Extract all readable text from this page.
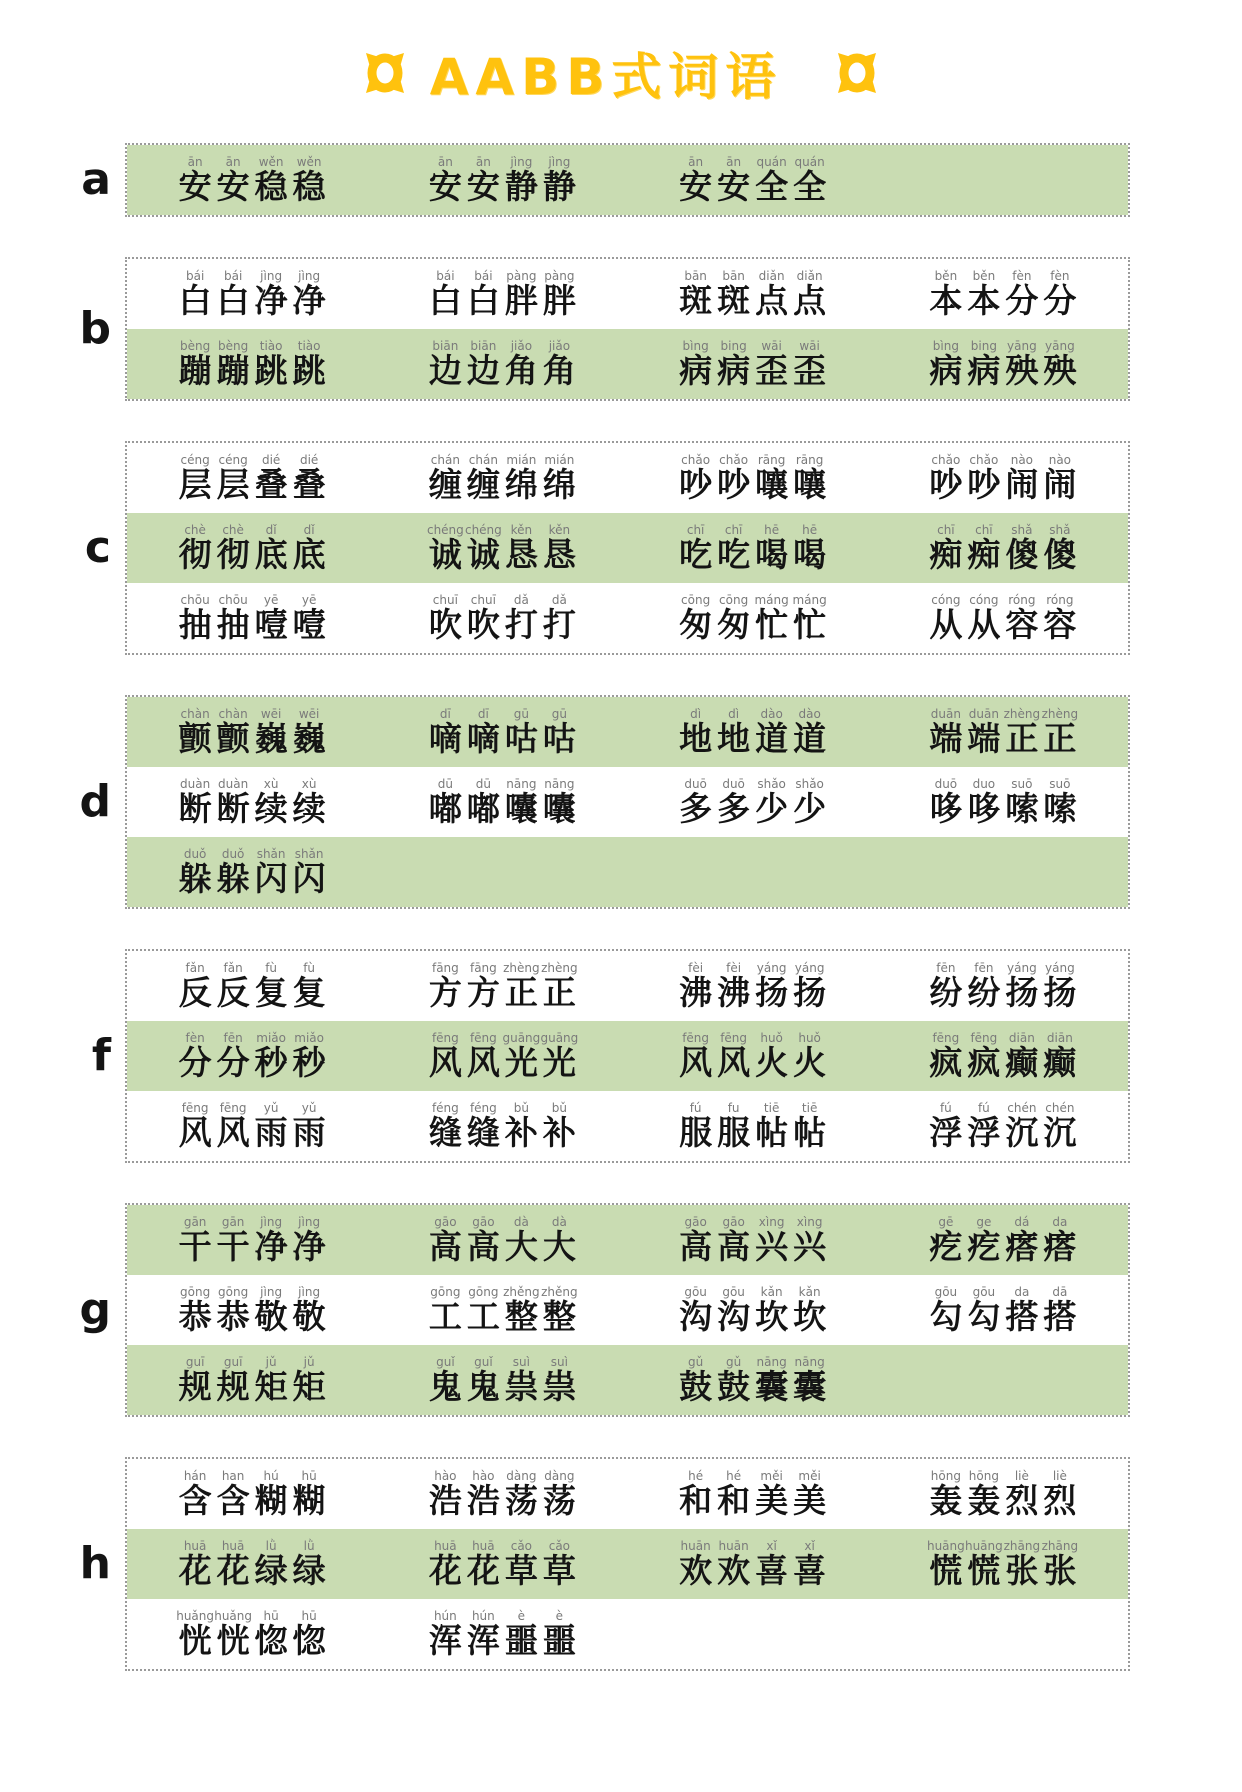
AABB式词语
a	ān
安
ān
安
wěn
稳
wěn
稳
ān
安
ān
安
jìng
静
jìng
静
ān
安
ān
安
quán
全
quán
全
b
bái
白
bái
白
jìng
净
jìng
净
bái
白
bái
白
pàng
胖
pàng
胖
bān
斑
bān
斑
diǎn
点
diǎn
点
běn
本
běn
本
fèn
分
fèn
分
bèng
蹦
bèng
蹦
tiào
跳
tiào
跳
biān
边
biān
边
jiǎo
角
jiǎo
角
bìng
病
bing
病
wāi
歪
wāi
歪
bìng
病
bing
病
yāng
殃
yāng
殃
c
céng
层
céng
层
dié
叠
dié
叠
chán
缠
chán
缠
mián
绵
mián
绵
chǎo
吵
chǎo
吵
rāng
嚷
rāng
嚷
chǎo
吵
chǎo
吵
nào
闹
nào
闹
chè
彻
chè
彻
dǐ
底
dǐ
底
chéng
诚
chéng
诚
kěn
恳
kěn
恳
chī
吃
chī
吃
hē
喝
hē
喝
chī
痴
chī
痴
shǎ
傻
shǎ
傻
chōu
抽
chōu
抽
yē
噎
yē
噎
chuī
吹
chuī
吹
dǎ
打
dǎ
打
cōng
匆
cōng
匆
máng
忙
máng
忙
cóng
从
cóng
从
róng
容
róng
容
d
chàn
颤
chàn
颤
wēi
巍
wēi
巍
dī
嘀
dī
嘀
gū
咕
gū
咕
dì
地
dì
地
dào
道
dào
道
duān
端
duān
端
zhèng
正
zhèng
正
duàn
断
duàn
断
xù
续
xù
续
dū
嘟
dū
嘟
nāng
囔
nāng
囔
duō
多
duō
多
shǎo
少
shǎo
少
duō
哆
duo
哆
suō
嗦
suō
嗦
duǒ
躲
duǒ
躲
shǎn
闪
shǎn
闪
f
fǎn
反
fǎn
反
fù
复
fù
复
fāng
方
fāng
方
zhèng
正
zhèng
正
fèi
沸
fèi
沸
yáng
扬
yáng
扬
fēn
纷
fēn
纷
yáng
扬
yáng
扬
fèn
分
fēn
分
miǎo
秒
miǎo
秒
fēng
风
fēng
风
guāng
光
guāng
光
fēng
风
fēng
风
huǒ
火
huǒ
火
fēng
疯
fēng
疯
diān
癫
diān
癫
fēng
风
fēng
风
yǔ
雨
yǔ
雨
féng
缝
féng
缝
bǔ
补
bǔ
补
fú
服
fu
服
tiē
帖
tiē
帖
fú
浮
fú
浮
chén
沉
chén
沉
g
gān
干
gān
干
jìng
净
jìng
净
gāo
高
gāo
高
dà
大
dà
大
gāo
高
gāo
高
xìng
兴
xìng
兴
gē
疙
ge
疙
dá
瘩
da
瘩
gōng
恭
gōng
恭
jìng
敬
jìng
敬
gōng
工
gōng
工
zhěng
整
zhěng
整
gōu
沟
gōu
沟
kǎn
坎
kǎn
坎
gōu
勾
gōu
勾
da
搭
dā
搭
guī
规
guī
规
jǔ
矩
jǔ
矩
guǐ
鬼
guǐ
鬼
suì
祟
suì
祟
gǔ
鼓
gǔ
鼓
nāng
囊
nāng
囊
h
hán
含
han
含
hú
糊
hū
糊
hào
浩
hào
浩
dàng
荡
dàng
荡
hé
和
hé
和
měi
美
měi
美
hōng
轰
hōng
轰
liè
烈
liè
烈
huā
花
huā
花
lǜ
绿
lǜ
绿
huā
花
huā
花
cǎo
草
cǎo
草
huān
欢
huān
欢
xǐ
喜
xǐ
喜
huāng
慌
huāng
慌
zhāng
张
zhāng
张
huǎng
恍
huǎng
恍
hū
惚
hū
惚
hún
浑
hún
浑
è
噩
è
噩
